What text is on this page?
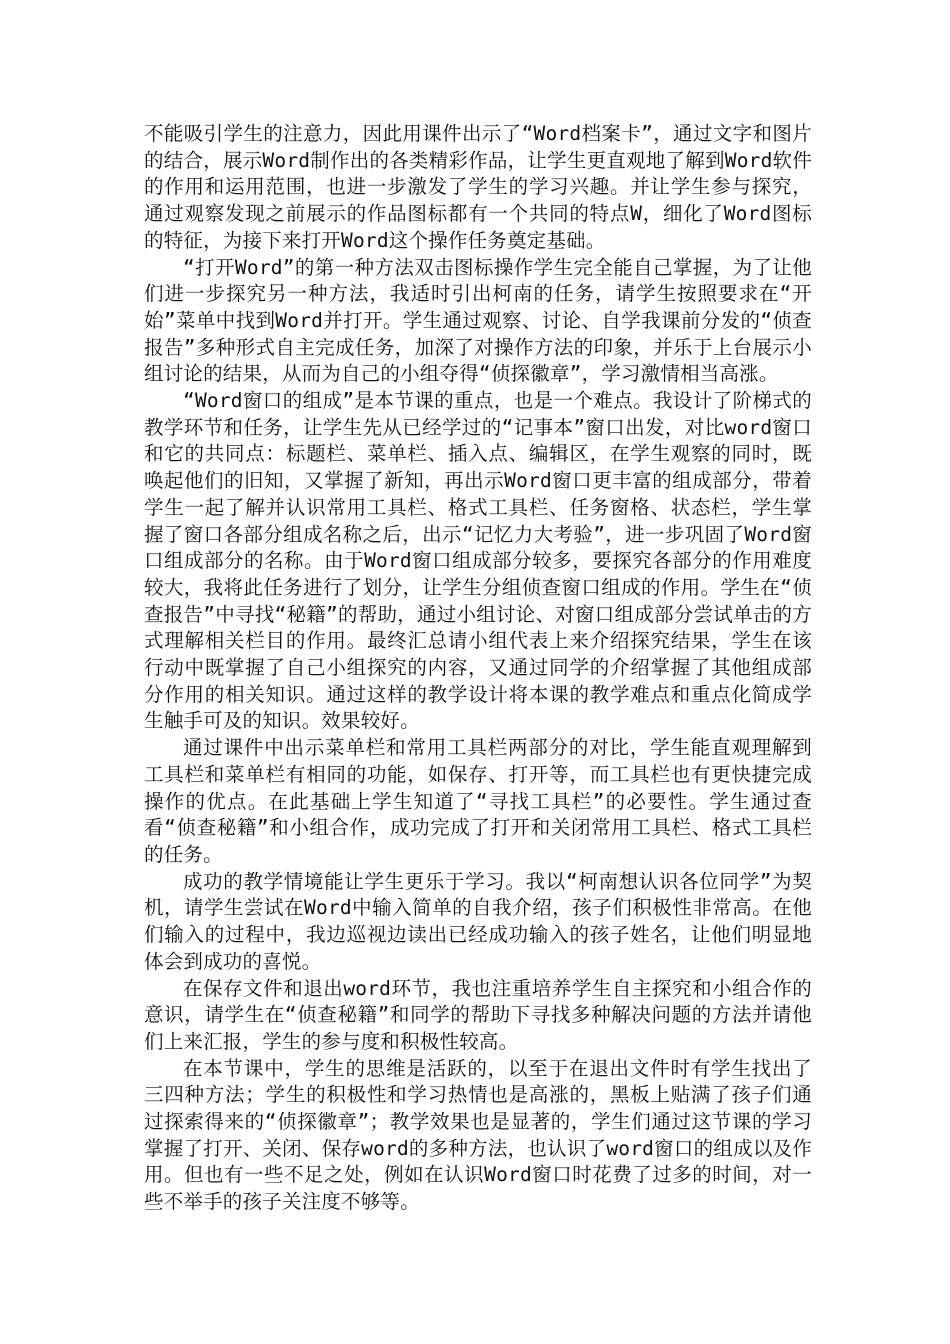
不能吸引学生的注意力，因此用课件出示了“Word档案卡”，通过文字和图片的结合，展示Word制作出的各类精彩作品，让学生更直观地了解到Word软件的作用和运用范围，也进一步激发了学生的学习兴趣。并让学生参与探究，通过观察发现之前展示的作品图标都有一个共同的特点W，细化了Word图标的特征，为接下来打开Word这个操作任务奠定基础。

“打开Word”的第一种方法双击图标操作学生完全能自己掌握，为了让他们进一步探究另一种方法，我适时引出柯南的任务，请学生按照要求在“开始”菜单中找到Word并打开。学生通过观察、讨论、自学我课前分发的“侦查报告”多种形式自主完成任务，加深了对操作方法的印象，并乐于上台展示小组讨论的结果，从而为自己的小组夺得“侦探徽章”，学习激情相当高涨。

“Word窗口的组成”是本节课的重点，也是一个难点。我设计了阶梯式的教学环节和任务，让学生先从已经学过的“记事本”窗口出发，对比word窗口和它的共同点：标题栏、菜单栏、插入点、编辑区，在学生观察的同时，既唤起他们的旧知，又掌握了新知，再出示Word窗口更丰富的组成部分，带着学生一起了解并认识常用工具栏、格式工具栏、任务窗格、状态栏，学生掌握了窗口各部分组成名称之后，出示“记忆力大考验”，进一步巩固了Word窗口组成部分的名称。由于Word窗口组成部分较多，要探究各部分的作用难度较大，我将此任务进行了划分，让学生分组侦查窗口组成的作用。学生在“侦查报告”中寻找“秘籍”的帮助，通过小组讨论、对窗口组成部分尝试单击的方式理解相关栏目的作用。最终汇总请小组代表上来介绍探究结果，学生在该行动中既掌握了自己小组探究的内容，又通过同学的介绍掌握了其他组成部分作用的相关知识。通过这样的教学设计将本课的教学难点和重点化简成学生触手可及的知识。效果较好。

通过课件中出示菜单栏和常用工具栏两部分的对比，学生能直观理解到工具栏和菜单栏有相同的功能，如保存、打开等，而工具栏也有更快捷完成操作的优点。在此基础上学生知道了“寻找工具栏”的必要性。学生通过查看“侦查秘籍”和小组合作，成功完成了打开和关闭常用工具栏、格式工具栏的任务。

成功的教学情境能让学生更乐于学习。我以“柯南想认识各位同学”为契机，请学生尝试在Word中输入简单的自我介绍，孩子们积极性非常高。在他们输入的过程中，我边巡视边读出已经成功输入的孩子姓名，让他们明显地体会到成功的喜悦。

在保存文件和退出word环节，我也注重培养学生自主探究和小组合作的意识，请学生在“侦查秘籍”和同学的帮助下寻找多种解决问题的方法并请他们上来汇报，学生的参与度和积极性较高。

在本节课中，学生的思维是活跃的，以至于在退出文件时有学生找出了三四种方法；学生的积极性和学习热情也是高涨的，黑板上贴满了孩子们通过探索得来的“侦探徽章”；教学效果也是显著的，学生们通过这节课的学习掌握了打开、关闭、保存word的多种方法，也认识了word窗口的组成以及作用。但也有一些不足之处，例如在认识Word窗口时花费了过多的时间，对一些不举手的孩子关注度不够等。
